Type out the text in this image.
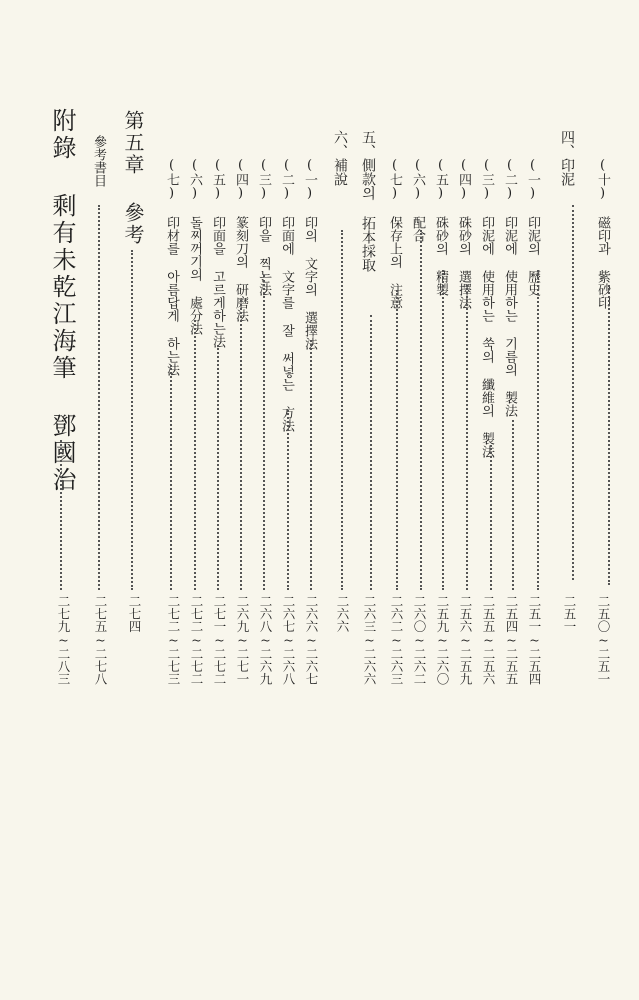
(十) 磁印과 紫砂印
二五〇~二五一
四、印泥
二五一
(一) 印泥의 歷史
二五一~二五四
(二) 印泥에 使用하는 기름의 製法
二五四~二五五
(三) 印泥에 使用하는 쑥의 纖維의 製法
二五五~二五六
(四) 硃砂의 選擇法
二五六~二五九
(五) 硃砂의 精製
二五九~二六〇
(六) 配合
二六〇~二六二
(七) 保存上의 注意
二六二~二六三
五、側款의 拓本採取
二六三~二六六
六、補說
二六六
(一) 印의 文字의 選擇法
二六六~二六七
(二) 印面에 文字를 잘 써넣는 方法
二六七~二六八
(三) 印을 찍는法
二六八~二六九
(四) 篆刻刀의 研磨法
二六九~二七一
(五) 印面을 고르게하는法
二七一~二七二
(六) 돌찌꺼기의 處分法
二七二~二七二
(七) 印材를 아름답게 하는法
二七二~二七三
第五章 參考
二七四
參考書目
二七五~二七八
附錄 剩有未乾江海筆 鄧國治
二七九~二八三
